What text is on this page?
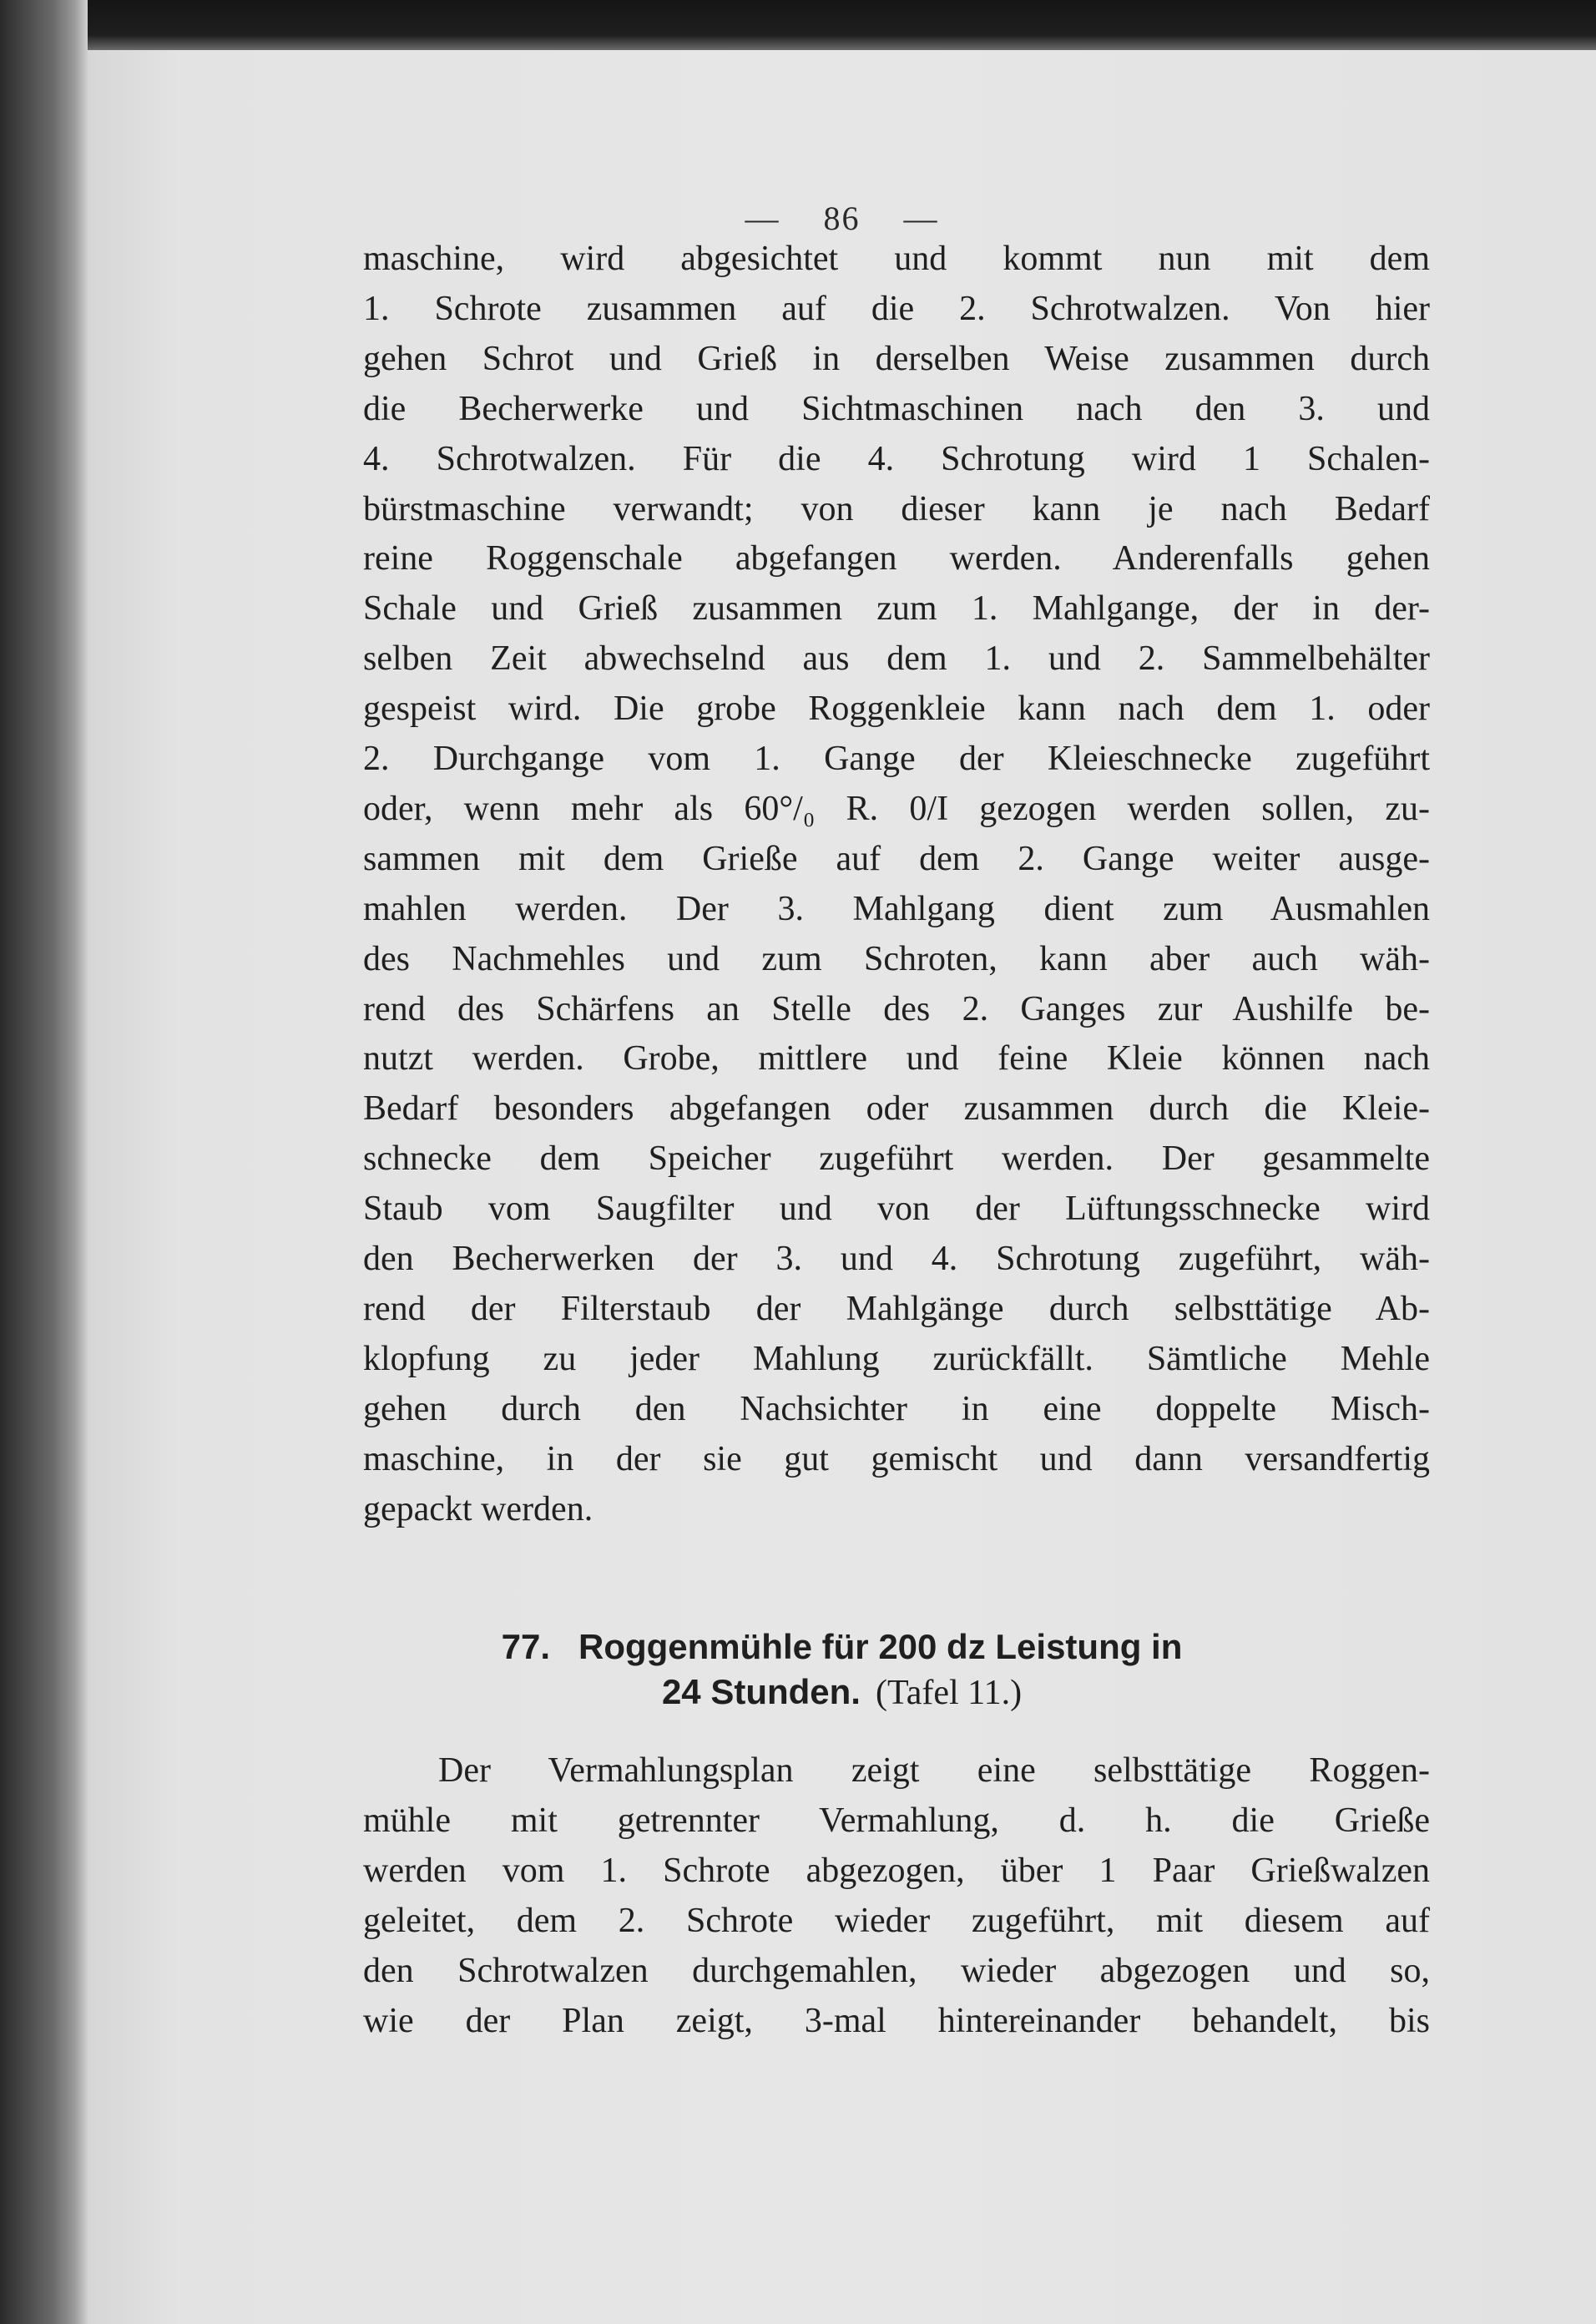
— 86 —
maschine, wird abgesichtet und kommt nun mit dem
1. Schrote zusammen auf die 2. Schrotwalzen. Von hier
gehen Schrot und Grieß in derselben Weise zusammen durch
die Becherwerke und Sichtmaschinen nach den 3. und
4. Schrotwalzen. Für die 4. Schrotung wird 1 Schalen-
bürstmaschine verwandt; von dieser kann je nach Bedarf
reine Roggenschale abgefangen werden. Anderenfalls gehen
Schale und Grieß zusammen zum 1. Mahlgange, der in der-
selben Zeit abwechselnd aus dem 1. und 2. Sammelbehälter
gespeist wird. Die grobe Roggenkleie kann nach dem 1. oder
2. Durchgange vom 1. Gange der Kleieschnecke zugeführt
oder, wenn mehr als 60°/₀ R. 0/I gezogen werden sollen, zu-
sammen mit dem Grieße auf dem 2. Gange weiter ausge-
mahlen werden. Der 3. Mahlgang dient zum Ausmahlen
des Nachmehles und zum Schroten, kann aber auch wäh-
rend des Schärfens an Stelle des 2. Ganges zur Aushilfe be-
nutzt werden. Grobe, mittlere und feine Kleie können nach
Bedarf besonders abgefangen oder zusammen durch die Kleie-
schnecke dem Speicher zugeführt werden. Der gesammelte
Staub vom Saugfilter und von der Lüftungsschnecke wird
den Becherwerken der 3. und 4. Schrotung zugeführt, wäh-
rend der Filterstaub der Mahlgänge durch selbsttätige Ab-
klopfung zu jeder Mahlung zurückfällt. Sämtliche Mehle
gehen durch den Nachsichter in eine doppelte Misch-
maschine, in der sie gut gemischt und dann versandfertig
gepackt werden.
77. Roggenmühle für 200 dz Leistung in
24 Stunden. (Tafel 11.)
Der Vermahlungsplan zeigt eine selbsttätige Roggen-
mühle mit getrennter Vermahlung, d. h. die Grieße
werden vom 1. Schrote abgezogen, über 1 Paar Grießwalzen
geleitet, dem 2. Schrote wieder zugeführt, mit diesem auf
den Schrotwalzen durchgemahlen, wieder abgezogen und so,
wie der Plan zeigt, 3-mal hintereinander behandelt, bis
